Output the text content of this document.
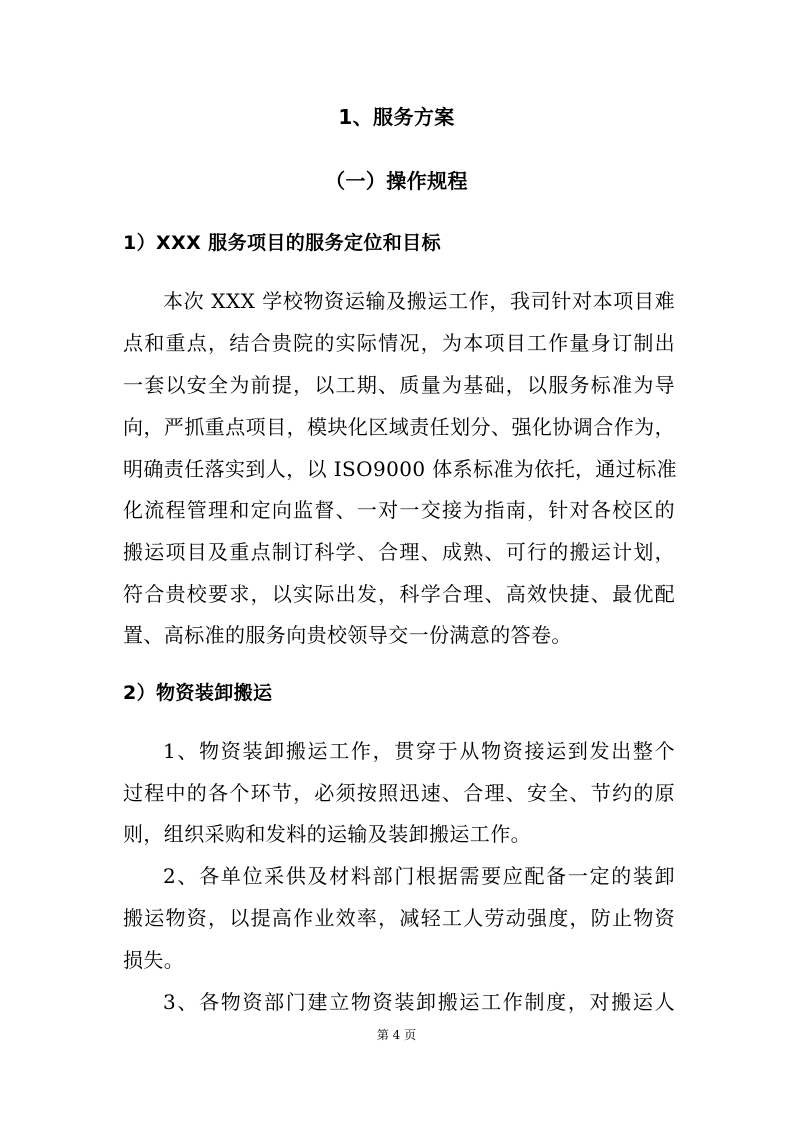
1、服务方案
（一）操作规程
1）XXX 服务项目的服务定位和目标
本次 XXX 学校物资运输及搬运工作，我司针对本项目难
点和重点，结合贵院的实际情况，为本项目工作量身订制出
一套以安全为前提，以工期、质量为基础，以服务标准为导
向，严抓重点项目，模块化区域责任划分、强化协调合作为，
明确责任落实到人，以 ISO9000 体系标准为依托，通过标准
化流程管理和定向监督、一对一交接为指南，针对各校区的
搬运项目及重点制订科学、合理、成熟、可行的搬运计划，
符合贵校要求，以实际出发，科学合理、高效快捷、最优配
置、高标准的服务向贵校领导交一份满意的答卷。
2）物资装卸搬运
1、物资装卸搬运工作，贯穿于从物资接运到发出整个
过程中的各个环节，必须按照迅速、合理、安全、节约的原
则，组织采购和发料的运输及装卸搬运工作。
2、各单位采供及材料部门根据需要应配备一定的装卸
搬运物资，以提高作业效率，减轻工人劳动强度，防止物资
损失。
3、各物资部门建立物资装卸搬运工作制度，对搬运人
第 4 页
